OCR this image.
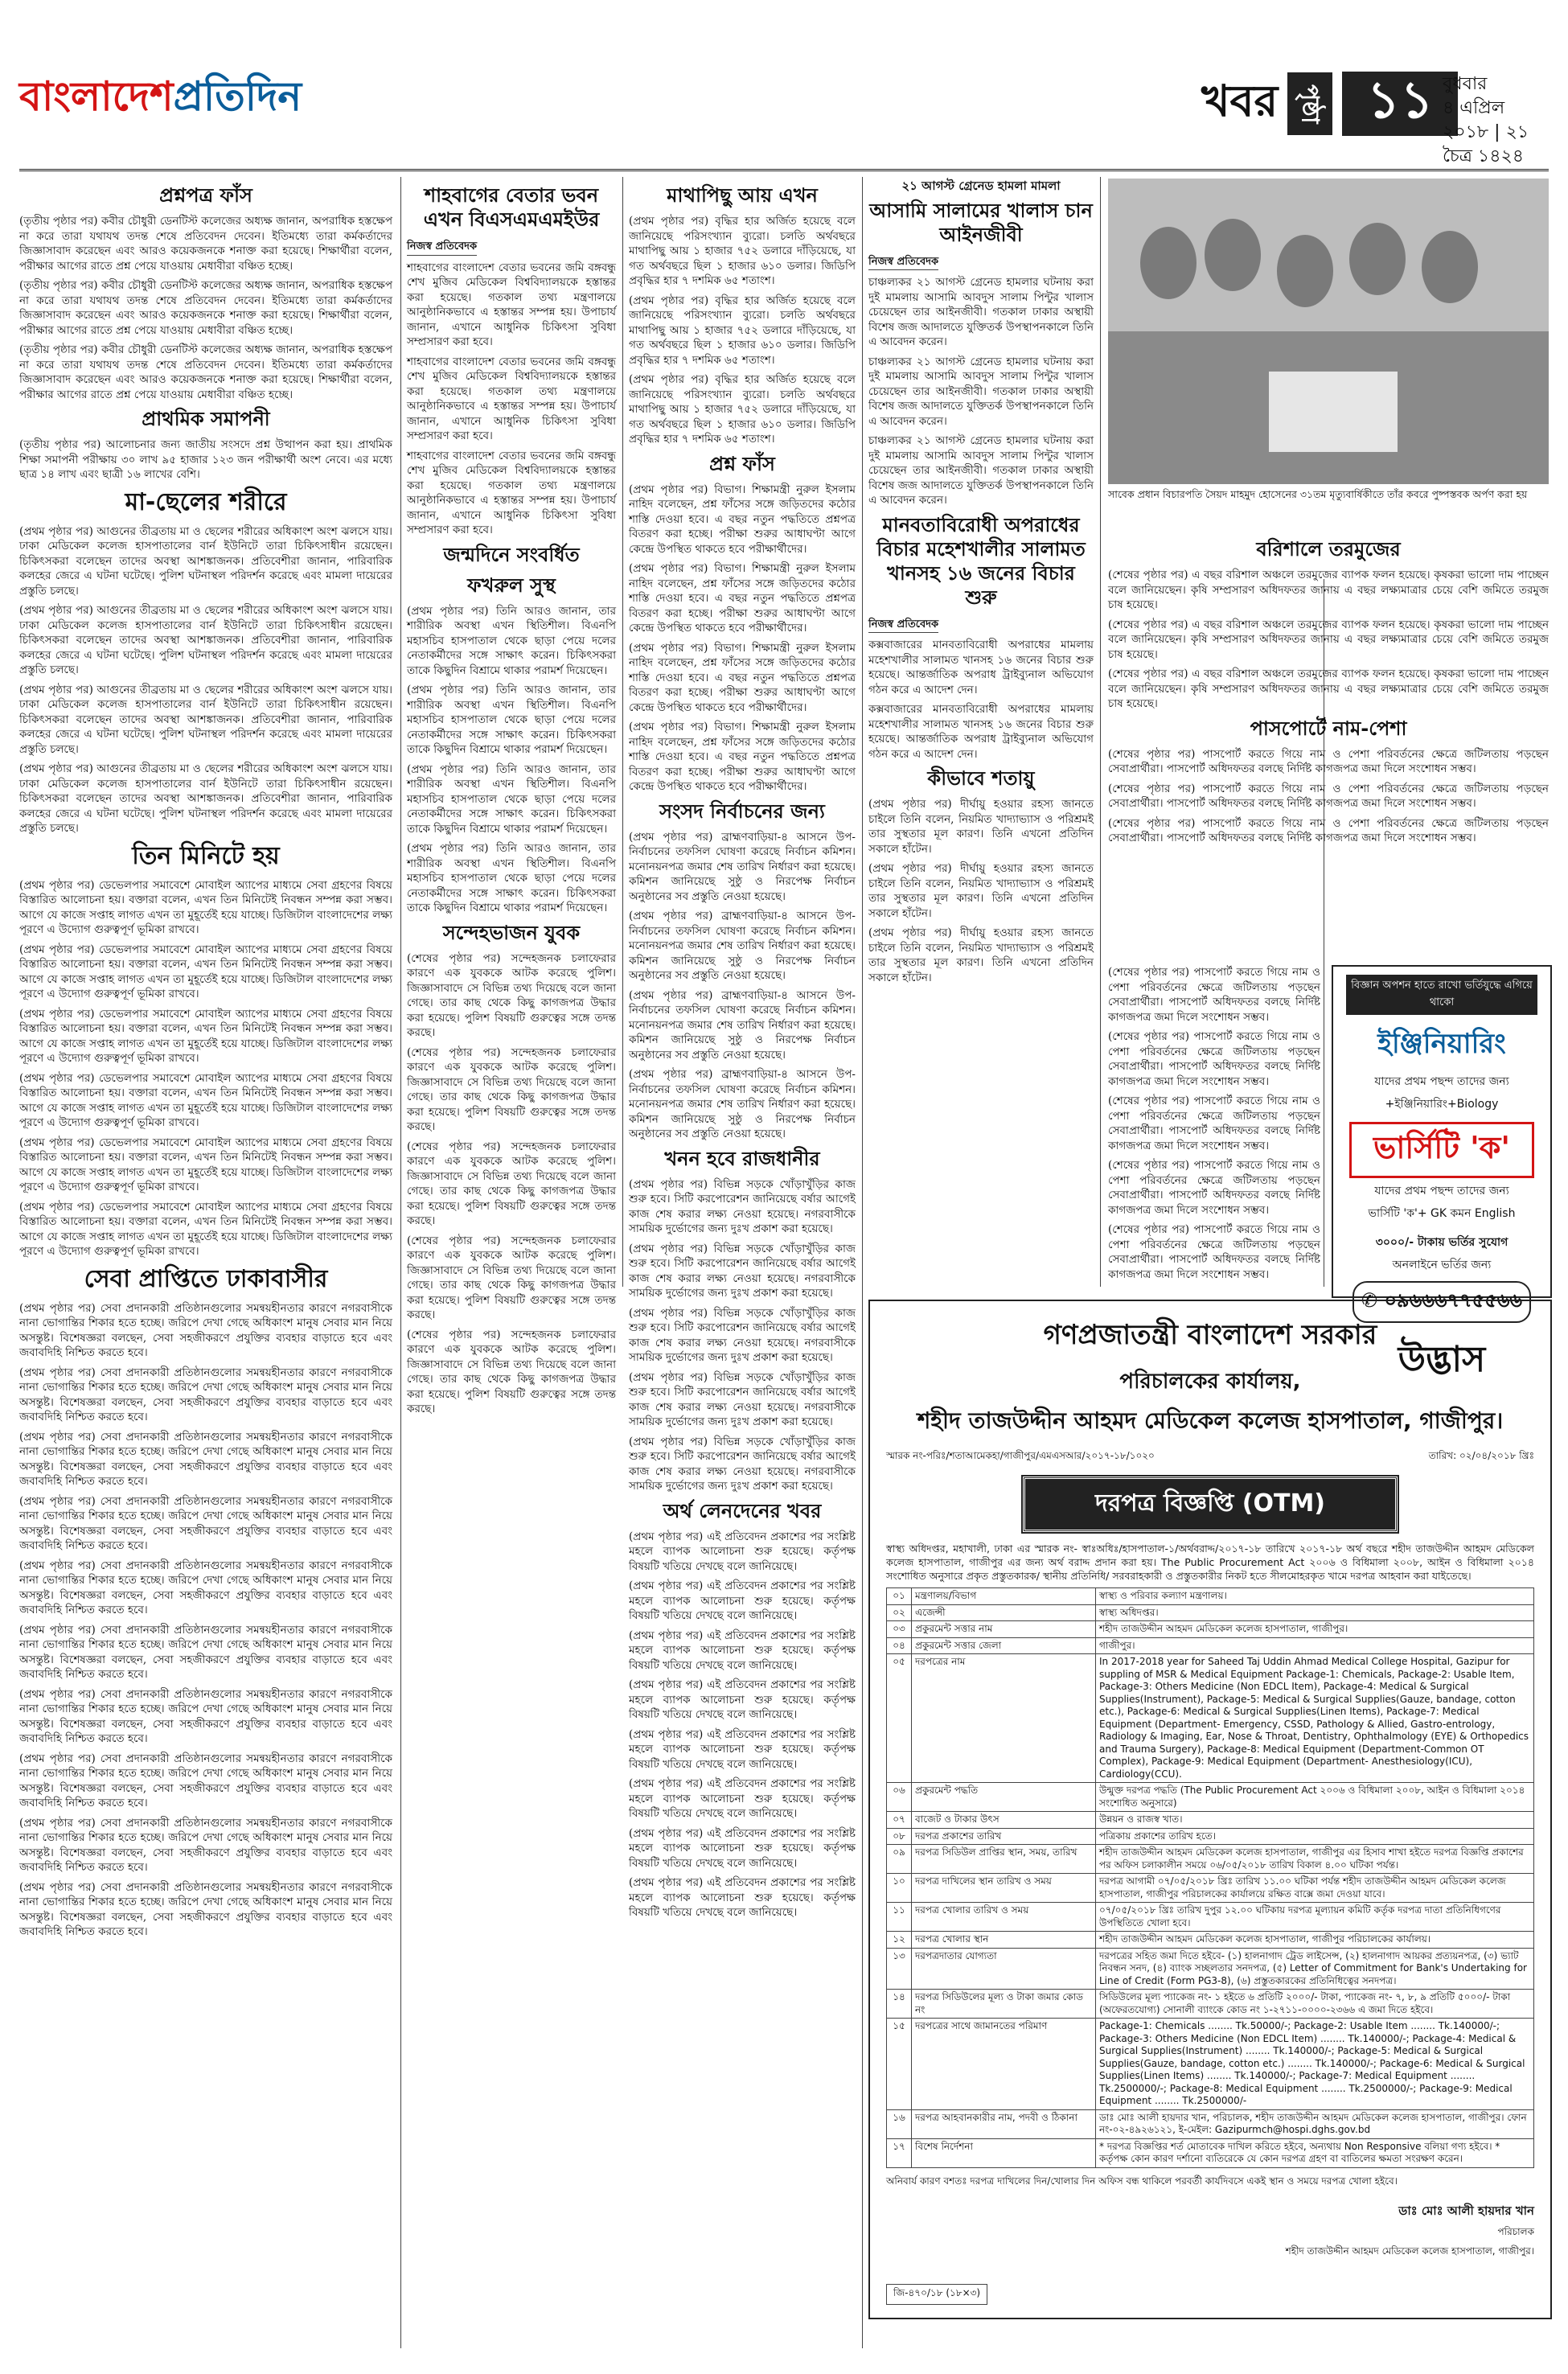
বাংলাদেশপ্রতিদিন	খবর পৃষ্ঠা ১১ বুধবার
৪ এপ্রিল ২০১৮ | ২১ চৈত্র ১৪২৪
প্রশ্নপত্র ফাঁস

(তৃতীয় পৃষ্ঠার পর) কবীর চৌধুরী ডেনটিস্ট কলেজের অধ্যক্ষ জানান, অপরাধিক হস্তক্ষেপ না করে তারা যথাযথ তদন্ত শেষে প্রতিবেদন দেবেন। ইতিমধ্যে তারা কর্মকর্তাদের জিজ্ঞাসাবাদ করেছেন এবং আরও কয়েকজনকে শনাক্ত করা হয়েছে। শিক্ষার্থীরা বলেন, পরীক্ষার আগের রাতে প্রশ্ন পেয়ে যাওয়ায় মেধাবীরা বঞ্চিত হচ্ছে।

(তৃতীয় পৃষ্ঠার পর) কবীর চৌধুরী ডেনটিস্ট কলেজের অধ্যক্ষ জানান, অপরাধিক হস্তক্ষেপ না করে তারা যথাযথ তদন্ত শেষে প্রতিবেদন দেবেন। ইতিমধ্যে তারা কর্মকর্তাদের জিজ্ঞাসাবাদ করেছেন এবং আরও কয়েকজনকে শনাক্ত করা হয়েছে। শিক্ষার্থীরা বলেন, পরীক্ষার আগের রাতে প্রশ্ন পেয়ে যাওয়ায় মেধাবীরা বঞ্চিত হচ্ছে।

(তৃতীয় পৃষ্ঠার পর) কবীর চৌধুরী ডেনটিস্ট কলেজের অধ্যক্ষ জানান, অপরাধিক হস্তক্ষেপ না করে তারা যথাযথ তদন্ত শেষে প্রতিবেদন দেবেন। ইতিমধ্যে তারা কর্মকর্তাদের জিজ্ঞাসাবাদ করেছেন এবং আরও কয়েকজনকে শনাক্ত করা হয়েছে। শিক্ষার্থীরা বলেন, পরীক্ষার আগের রাতে প্রশ্ন পেয়ে যাওয়ায় মেধাবীরা বঞ্চিত হচ্ছে।

প্রাথমিক সমাপনী

(তৃতীয় পৃষ্ঠার পর) আলোচনার জন্য জাতীয় সংসদে প্রশ্ন উত্থাপন করা হয়। প্রাথমিক শিক্ষা সমাপনী পরীক্ষায় ৩০ লাখ ৯৫ হাজার ১২৩ জন পরীক্ষার্থী অংশ নেবে। এর মধ্যে ছাত্র ১৪ লাখ এবং ছাত্রী ১৬ লাখের বেশি।

মা-ছেলের শরীরে

(প্রথম পৃষ্ঠার পর) আগুনের তীব্রতায় মা ও ছেলের শরীরের অধিকাংশ অংশ ঝলসে যায়। ঢাকা মেডিকেল কলেজ হাসপাতালের বার্ন ইউনিটে তারা চিকিৎসাধীন রয়েছেন। চিকিৎসকরা বলেছেন তাদের অবস্থা আশঙ্কাজনক। প্রতিবেশীরা জানান, পারিবারিক কলহের জেরে এ ঘটনা ঘটেছে। পুলিশ ঘটনাস্থল পরিদর্শন করেছে এবং মামলা দায়েরের প্রস্তুতি চলছে।

(প্রথম পৃষ্ঠার পর) আগুনের তীব্রতায় মা ও ছেলের শরীরের অধিকাংশ অংশ ঝলসে যায়। ঢাকা মেডিকেল কলেজ হাসপাতালের বার্ন ইউনিটে তারা চিকিৎসাধীন রয়েছেন। চিকিৎসকরা বলেছেন তাদের অবস্থা আশঙ্কাজনক। প্রতিবেশীরা জানান, পারিবারিক কলহের জেরে এ ঘটনা ঘটেছে। পুলিশ ঘটনাস্থল পরিদর্শন করেছে এবং মামলা দায়েরের প্রস্তুতি চলছে।

(প্রথম পৃষ্ঠার পর) আগুনের তীব্রতায় মা ও ছেলের শরীরের অধিকাংশ অংশ ঝলসে যায়। ঢাকা মেডিকেল কলেজ হাসপাতালের বার্ন ইউনিটে তারা চিকিৎসাধীন রয়েছেন। চিকিৎসকরা বলেছেন তাদের অবস্থা আশঙ্কাজনক। প্রতিবেশীরা জানান, পারিবারিক কলহের জেরে এ ঘটনা ঘটেছে। পুলিশ ঘটনাস্থল পরিদর্শন করেছে এবং মামলা দায়েরের প্রস্তুতি চলছে।

(প্রথম পৃষ্ঠার পর) আগুনের তীব্রতায় মা ও ছেলের শরীরের অধিকাংশ অংশ ঝলসে যায়। ঢাকা মেডিকেল কলেজ হাসপাতালের বার্ন ইউনিটে তারা চিকিৎসাধীন রয়েছেন। চিকিৎসকরা বলেছেন তাদের অবস্থা আশঙ্কাজনক। প্রতিবেশীরা জানান, পারিবারিক কলহের জেরে এ ঘটনা ঘটেছে। পুলিশ ঘটনাস্থল পরিদর্শন করেছে এবং মামলা দায়েরের প্রস্তুতি চলছে।

তিন মিনিটে হয়

(প্রথম পৃষ্ঠার পর) ডেভেলপার সমাবেশে মোবাইল অ্যাপের মাধ্যমে সেবা গ্রহণের বিষয়ে বিস্তারিত আলোচনা হয়। বক্তারা বলেন, এখন তিন মিনিটেই নিবন্ধন সম্পন্ন করা সম্ভব। আগে যে কাজে সপ্তাহ লাগত এখন তা মুহূর্তেই হয়ে যাচ্ছে। ডিজিটাল বাংলাদেশের লক্ষ্য পূরণে এ উদ্যোগ গুরুত্বপূর্ণ ভূমিকা রাখবে।

(প্রথম পৃষ্ঠার পর) ডেভেলপার সমাবেশে মোবাইল অ্যাপের মাধ্যমে সেবা গ্রহণের বিষয়ে বিস্তারিত আলোচনা হয়। বক্তারা বলেন, এখন তিন মিনিটেই নিবন্ধন সম্পন্ন করা সম্ভব। আগে যে কাজে সপ্তাহ লাগত এখন তা মুহূর্তেই হয়ে যাচ্ছে। ডিজিটাল বাংলাদেশের লক্ষ্য পূরণে এ উদ্যোগ গুরুত্বপূর্ণ ভূমিকা রাখবে।

(প্রথম পৃষ্ঠার পর) ডেভেলপার সমাবেশে মোবাইল অ্যাপের মাধ্যমে সেবা গ্রহণের বিষয়ে বিস্তারিত আলোচনা হয়। বক্তারা বলেন, এখন তিন মিনিটেই নিবন্ধন সম্পন্ন করা সম্ভব। আগে যে কাজে সপ্তাহ লাগত এখন তা মুহূর্তেই হয়ে যাচ্ছে। ডিজিটাল বাংলাদেশের লক্ষ্য পূরণে এ উদ্যোগ গুরুত্বপূর্ণ ভূমিকা রাখবে।

(প্রথম পৃষ্ঠার পর) ডেভেলপার সমাবেশে মোবাইল অ্যাপের মাধ্যমে সেবা গ্রহণের বিষয়ে বিস্তারিত আলোচনা হয়। বক্তারা বলেন, এখন তিন মিনিটেই নিবন্ধন সম্পন্ন করা সম্ভব। আগে যে কাজে সপ্তাহ লাগত এখন তা মুহূর্তেই হয়ে যাচ্ছে। ডিজিটাল বাংলাদেশের লক্ষ্য পূরণে এ উদ্যোগ গুরুত্বপূর্ণ ভূমিকা রাখবে।

(প্রথম পৃষ্ঠার পর) ডেভেলপার সমাবেশে মোবাইল অ্যাপের মাধ্যমে সেবা গ্রহণের বিষয়ে বিস্তারিত আলোচনা হয়। বক্তারা বলেন, এখন তিন মিনিটেই নিবন্ধন সম্পন্ন করা সম্ভব। আগে যে কাজে সপ্তাহ লাগত এখন তা মুহূর্তেই হয়ে যাচ্ছে। ডিজিটাল বাংলাদেশের লক্ষ্য পূরণে এ উদ্যোগ গুরুত্বপূর্ণ ভূমিকা রাখবে।

(প্রথম পৃষ্ঠার পর) ডেভেলপার সমাবেশে মোবাইল অ্যাপের মাধ্যমে সেবা গ্রহণের বিষয়ে বিস্তারিত আলোচনা হয়। বক্তারা বলেন, এখন তিন মিনিটেই নিবন্ধন সম্পন্ন করা সম্ভব। আগে যে কাজে সপ্তাহ লাগত এখন তা মুহূর্তেই হয়ে যাচ্ছে। ডিজিটাল বাংলাদেশের লক্ষ্য পূরণে এ উদ্যোগ গুরুত্বপূর্ণ ভূমিকা রাখবে।

সেবা প্রাপ্তিতে ঢাকাবাসীর

(প্রথম পৃষ্ঠার পর) সেবা প্রদানকারী প্রতিষ্ঠানগুলোর সমন্বয়হীনতার কারণে নগরবাসীকে নানা ভোগান্তির শিকার হতে হচ্ছে। জরিপে দেখা গেছে অধিকাংশ মানুষ সেবার মান নিয়ে অসন্তুষ্ট। বিশেষজ্ঞরা বলছেন, সেবা সহজীকরণে প্রযুক্তির ব্যবহার বাড়াতে হবে এবং জবাবদিহি নিশ্চিত করতে হবে।

(প্রথম পৃষ্ঠার পর) সেবা প্রদানকারী প্রতিষ্ঠানগুলোর সমন্বয়হীনতার কারণে নগরবাসীকে নানা ভোগান্তির শিকার হতে হচ্ছে। জরিপে দেখা গেছে অধিকাংশ মানুষ সেবার মান নিয়ে অসন্তুষ্ট। বিশেষজ্ঞরা বলছেন, সেবা সহজীকরণে প্রযুক্তির ব্যবহার বাড়াতে হবে এবং জবাবদিহি নিশ্চিত করতে হবে।

(প্রথম পৃষ্ঠার পর) সেবা প্রদানকারী প্রতিষ্ঠানগুলোর সমন্বয়হীনতার কারণে নগরবাসীকে নানা ভোগান্তির শিকার হতে হচ্ছে। জরিপে দেখা গেছে অধিকাংশ মানুষ সেবার মান নিয়ে অসন্তুষ্ট। বিশেষজ্ঞরা বলছেন, সেবা সহজীকরণে প্রযুক্তির ব্যবহার বাড়াতে হবে এবং জবাবদিহি নিশ্চিত করতে হবে।

(প্রথম পৃষ্ঠার পর) সেবা প্রদানকারী প্রতিষ্ঠানগুলোর সমন্বয়হীনতার কারণে নগরবাসীকে নানা ভোগান্তির শিকার হতে হচ্ছে। জরিপে দেখা গেছে অধিকাংশ মানুষ সেবার মান নিয়ে অসন্তুষ্ট। বিশেষজ্ঞরা বলছেন, সেবা সহজীকরণে প্রযুক্তির ব্যবহার বাড়াতে হবে এবং জবাবদিহি নিশ্চিত করতে হবে।

(প্রথম পৃষ্ঠার পর) সেবা প্রদানকারী প্রতিষ্ঠানগুলোর সমন্বয়হীনতার কারণে নগরবাসীকে নানা ভোগান্তির শিকার হতে হচ্ছে। জরিপে দেখা গেছে অধিকাংশ মানুষ সেবার মান নিয়ে অসন্তুষ্ট। বিশেষজ্ঞরা বলছেন, সেবা সহজীকরণে প্রযুক্তির ব্যবহার বাড়াতে হবে এবং জবাবদিহি নিশ্চিত করতে হবে।

(প্রথম পৃষ্ঠার পর) সেবা প্রদানকারী প্রতিষ্ঠানগুলোর সমন্বয়হীনতার কারণে নগরবাসীকে নানা ভোগান্তির শিকার হতে হচ্ছে। জরিপে দেখা গেছে অধিকাংশ মানুষ সেবার মান নিয়ে অসন্তুষ্ট। বিশেষজ্ঞরা বলছেন, সেবা সহজীকরণে প্রযুক্তির ব্যবহার বাড়াতে হবে এবং জবাবদিহি নিশ্চিত করতে হবে।

(প্রথম পৃষ্ঠার পর) সেবা প্রদানকারী প্রতিষ্ঠানগুলোর সমন্বয়হীনতার কারণে নগরবাসীকে নানা ভোগান্তির শিকার হতে হচ্ছে। জরিপে দেখা গেছে অধিকাংশ মানুষ সেবার মান নিয়ে অসন্তুষ্ট। বিশেষজ্ঞরা বলছেন, সেবা সহজীকরণে প্রযুক্তির ব্যবহার বাড়াতে হবে এবং জবাবদিহি নিশ্চিত করতে হবে।

(প্রথম পৃষ্ঠার পর) সেবা প্রদানকারী প্রতিষ্ঠানগুলোর সমন্বয়হীনতার কারণে নগরবাসীকে নানা ভোগান্তির শিকার হতে হচ্ছে। জরিপে দেখা গেছে অধিকাংশ মানুষ সেবার মান নিয়ে অসন্তুষ্ট। বিশেষজ্ঞরা বলছেন, সেবা সহজীকরণে প্রযুক্তির ব্যবহার বাড়াতে হবে এবং জবাবদিহি নিশ্চিত করতে হবে।

(প্রথম পৃষ্ঠার পর) সেবা প্রদানকারী প্রতিষ্ঠানগুলোর সমন্বয়হীনতার কারণে নগরবাসীকে নানা ভোগান্তির শিকার হতে হচ্ছে। জরিপে দেখা গেছে অধিকাংশ মানুষ সেবার মান নিয়ে অসন্তুষ্ট। বিশেষজ্ঞরা বলছেন, সেবা সহজীকরণে প্রযুক্তির ব্যবহার বাড়াতে হবে এবং জবাবদিহি নিশ্চিত করতে হবে।

(প্রথম পৃষ্ঠার পর) সেবা প্রদানকারী প্রতিষ্ঠানগুলোর সমন্বয়হীনতার কারণে নগরবাসীকে নানা ভোগান্তির শিকার হতে হচ্ছে। জরিপে দেখা গেছে অধিকাংশ মানুষ সেবার মান নিয়ে অসন্তুষ্ট। বিশেষজ্ঞরা বলছেন, সেবা সহজীকরণে প্রযুক্তির ব্যবহার বাড়াতে হবে এবং জবাবদিহি নিশ্চিত করতে হবে।

শাহবাগের বেতার ভবন এখন বিএসএমএমইউর
নিজস্ব প্রতিবেদক

শাহবাগের বাংলাদেশ বেতার ভবনের জমি বঙ্গবন্ধু শেখ মুজিব মেডিকেল বিশ্ববিদ্যালয়কে হস্তান্তর করা হয়েছে। গতকাল তথ্য মন্ত্রণালয়ে আনুষ্ঠানিকভাবে এ হস্তান্তর সম্পন্ন হয়। উপাচার্য জানান, এখানে আধুনিক চিকিৎসা সুবিধা সম্প্রসারণ করা হবে।

শাহবাগের বাংলাদেশ বেতার ভবনের জমি বঙ্গবন্ধু শেখ মুজিব মেডিকেল বিশ্ববিদ্যালয়কে হস্তান্তর করা হয়েছে। গতকাল তথ্য মন্ত্রণালয়ে আনুষ্ঠানিকভাবে এ হস্তান্তর সম্পন্ন হয়। উপাচার্য জানান, এখানে আধুনিক চিকিৎসা সুবিধা সম্প্রসারণ করা হবে।

শাহবাগের বাংলাদেশ বেতার ভবনের জমি বঙ্গবন্ধু শেখ মুজিব মেডিকেল বিশ্ববিদ্যালয়কে হস্তান্তর করা হয়েছে। গতকাল তথ্য মন্ত্রণালয়ে আনুষ্ঠানিকভাবে এ হস্তান্তর সম্পন্ন হয়। উপাচার্য জানান, এখানে আধুনিক চিকিৎসা সুবিধা সম্প্রসারণ করা হবে।

জন্মদিনে সংবর্ধিত
ফখরুল সুস্থ

(প্রথম পৃষ্ঠার পর) তিনি আরও জানান, তার শারীরিক অবস্থা এখন স্থিতিশীল। বিএনপি মহাসচিব হাসপাতাল থেকে ছাড়া পেয়ে দলের নেতাকর্মীদের সঙ্গে সাক্ষাৎ করেন। চিকিৎসকরা তাকে কিছুদিন বিশ্রামে থাকার পরামর্শ দিয়েছেন।

(প্রথম পৃষ্ঠার পর) তিনি আরও জানান, তার শারীরিক অবস্থা এখন স্থিতিশীল। বিএনপি মহাসচিব হাসপাতাল থেকে ছাড়া পেয়ে দলের নেতাকর্মীদের সঙ্গে সাক্ষাৎ করেন। চিকিৎসকরা তাকে কিছুদিন বিশ্রামে থাকার পরামর্শ দিয়েছেন।

(প্রথম পৃষ্ঠার পর) তিনি আরও জানান, তার শারীরিক অবস্থা এখন স্থিতিশীল। বিএনপি মহাসচিব হাসপাতাল থেকে ছাড়া পেয়ে দলের নেতাকর্মীদের সঙ্গে সাক্ষাৎ করেন। চিকিৎসকরা তাকে কিছুদিন বিশ্রামে থাকার পরামর্শ দিয়েছেন।

(প্রথম পৃষ্ঠার পর) তিনি আরও জানান, তার শারীরিক অবস্থা এখন স্থিতিশীল। বিএনপি মহাসচিব হাসপাতাল থেকে ছাড়া পেয়ে দলের নেতাকর্মীদের সঙ্গে সাক্ষাৎ করেন। চিকিৎসকরা তাকে কিছুদিন বিশ্রামে থাকার পরামর্শ দিয়েছেন।

সন্দেহভাজন যুবক

(শেষের পৃষ্ঠার পর) সন্দেহজনক চলাফেরার কারণে এক যুবককে আটক করেছে পুলিশ। জিজ্ঞাসাবাদে সে বিভিন্ন তথ্য দিয়েছে বলে জানা গেছে। তার কাছ থেকে কিছু কাগজপত্র উদ্ধার করা হয়েছে। পুলিশ বিষয়টি গুরুত্বের সঙ্গে তদন্ত করছে।

(শেষের পৃষ্ঠার পর) সন্দেহজনক চলাফেরার কারণে এক যুবককে আটক করেছে পুলিশ। জিজ্ঞাসাবাদে সে বিভিন্ন তথ্য দিয়েছে বলে জানা গেছে। তার কাছ থেকে কিছু কাগজপত্র উদ্ধার করা হয়েছে। পুলিশ বিষয়টি গুরুত্বের সঙ্গে তদন্ত করছে।

(শেষের পৃষ্ঠার পর) সন্দেহজনক চলাফেরার কারণে এক যুবককে আটক করেছে পুলিশ। জিজ্ঞাসাবাদে সে বিভিন্ন তথ্য দিয়েছে বলে জানা গেছে। তার কাছ থেকে কিছু কাগজপত্র উদ্ধার করা হয়েছে। পুলিশ বিষয়টি গুরুত্বের সঙ্গে তদন্ত করছে।

(শেষের পৃষ্ঠার পর) সন্দেহজনক চলাফেরার কারণে এক যুবককে আটক করেছে পুলিশ। জিজ্ঞাসাবাদে সে বিভিন্ন তথ্য দিয়েছে বলে জানা গেছে। তার কাছ থেকে কিছু কাগজপত্র উদ্ধার করা হয়েছে। পুলিশ বিষয়টি গুরুত্বের সঙ্গে তদন্ত করছে।

(শেষের পৃষ্ঠার পর) সন্দেহজনক চলাফেরার কারণে এক যুবককে আটক করেছে পুলিশ। জিজ্ঞাসাবাদে সে বিভিন্ন তথ্য দিয়েছে বলে জানা গেছে। তার কাছ থেকে কিছু কাগজপত্র উদ্ধার করা হয়েছে। পুলিশ বিষয়টি গুরুত্বের সঙ্গে তদন্ত করছে।

মাথাপিছু আয় এখন

(প্রথম পৃষ্ঠার পর) বৃদ্ধির হার অর্জিত হয়েছে বলে জানিয়েছে পরিসংখ্যান ব্যুরো। চলতি অর্থবছরে মাথাপিছু আয় ১ হাজার ৭৫২ ডলারে দাঁড়িয়েছে, যা গত অর্থবছরে ছিল ১ হাজার ৬১০ ডলার। জিডিপি প্রবৃদ্ধির হার ৭ দশমিক ৬৫ শতাংশ।

(প্রথম পৃষ্ঠার পর) বৃদ্ধির হার অর্জিত হয়েছে বলে জানিয়েছে পরিসংখ্যান ব্যুরো। চলতি অর্থবছরে মাথাপিছু আয় ১ হাজার ৭৫২ ডলারে দাঁড়িয়েছে, যা গত অর্থবছরে ছিল ১ হাজার ৬১০ ডলার। জিডিপি প্রবৃদ্ধির হার ৭ দশমিক ৬৫ শতাংশ।

(প্রথম পৃষ্ঠার পর) বৃদ্ধির হার অর্জিত হয়েছে বলে জানিয়েছে পরিসংখ্যান ব্যুরো। চলতি অর্থবছরে মাথাপিছু আয় ১ হাজার ৭৫২ ডলারে দাঁড়িয়েছে, যা গত অর্থবছরে ছিল ১ হাজার ৬১০ ডলার। জিডিপি প্রবৃদ্ধির হার ৭ দশমিক ৬৫ শতাংশ।

প্রশ্ন ফাঁস

(প্রথম পৃষ্ঠার পর) বিভাগ। শিক্ষামন্ত্রী নুরুল ইসলাম নাহিদ বলেছেন, প্রশ্ন ফাঁসের সঙ্গে জড়িতদের কঠোর শাস্তি দেওয়া হবে। এ বছর নতুন পদ্ধতিতে প্রশ্নপত্র বিতরণ করা হচ্ছে। পরীক্ষা শুরুর আধাঘণ্টা আগে কেন্দ্রে উপস্থিত থাকতে হবে পরীক্ষার্থীদের।

(প্রথম পৃষ্ঠার পর) বিভাগ। শিক্ষামন্ত্রী নুরুল ইসলাম নাহিদ বলেছেন, প্রশ্ন ফাঁসের সঙ্গে জড়িতদের কঠোর শাস্তি দেওয়া হবে। এ বছর নতুন পদ্ধতিতে প্রশ্নপত্র বিতরণ করা হচ্ছে। পরীক্ষা শুরুর আধাঘণ্টা আগে কেন্দ্রে উপস্থিত থাকতে হবে পরীক্ষার্থীদের।

(প্রথম পৃষ্ঠার পর) বিভাগ। শিক্ষামন্ত্রী নুরুল ইসলাম নাহিদ বলেছেন, প্রশ্ন ফাঁসের সঙ্গে জড়িতদের কঠোর শাস্তি দেওয়া হবে। এ বছর নতুন পদ্ধতিতে প্রশ্নপত্র বিতরণ করা হচ্ছে। পরীক্ষা শুরুর আধাঘণ্টা আগে কেন্দ্রে উপস্থিত থাকতে হবে পরীক্ষার্থীদের।

(প্রথম পৃষ্ঠার পর) বিভাগ। শিক্ষামন্ত্রী নুরুল ইসলাম নাহিদ বলেছেন, প্রশ্ন ফাঁসের সঙ্গে জড়িতদের কঠোর শাস্তি দেওয়া হবে। এ বছর নতুন পদ্ধতিতে প্রশ্নপত্র বিতরণ করা হচ্ছে। পরীক্ষা শুরুর আধাঘণ্টা আগে কেন্দ্রে উপস্থিত থাকতে হবে পরীক্ষার্থীদের।

সংসদ নির্বাচনের জন্য

(প্রথম পৃষ্ঠার পর) ব্রাহ্মণবাড়িয়া-৪ আসনে উপ-নির্বাচনের তফসিল ঘোষণা করেছে নির্বাচন কমিশন। মনোনয়নপত্র জমার শেষ তারিখ নির্ধারণ করা হয়েছে। কমিশন জানিয়েছে সুষ্ঠু ও নিরপেক্ষ নির্বাচন অনুষ্ঠানের সব প্রস্তুতি নেওয়া হয়েছে।

(প্রথম পৃষ্ঠার পর) ব্রাহ্মণবাড়িয়া-৪ আসনে উপ-নির্বাচনের তফসিল ঘোষণা করেছে নির্বাচন কমিশন। মনোনয়নপত্র জমার শেষ তারিখ নির্ধারণ করা হয়েছে। কমিশন জানিয়েছে সুষ্ঠু ও নিরপেক্ষ নির্বাচন অনুষ্ঠানের সব প্রস্তুতি নেওয়া হয়েছে।

(প্রথম পৃষ্ঠার পর) ব্রাহ্মণবাড়িয়া-৪ আসনে উপ-নির্বাচনের তফসিল ঘোষণা করেছে নির্বাচন কমিশন। মনোনয়নপত্র জমার শেষ তারিখ নির্ধারণ করা হয়েছে। কমিশন জানিয়েছে সুষ্ঠু ও নিরপেক্ষ নির্বাচন অনুষ্ঠানের সব প্রস্তুতি নেওয়া হয়েছে।

(প্রথম পৃষ্ঠার পর) ব্রাহ্মণবাড়িয়া-৪ আসনে উপ-নির্বাচনের তফসিল ঘোষণা করেছে নির্বাচন কমিশন। মনোনয়নপত্র জমার শেষ তারিখ নির্ধারণ করা হয়েছে। কমিশন জানিয়েছে সুষ্ঠু ও নিরপেক্ষ নির্বাচন অনুষ্ঠানের সব প্রস্তুতি নেওয়া হয়েছে।

খনন হবে রাজধানীর

(প্রথম পৃষ্ঠার পর) বিভিন্ন সড়কে খোঁড়াখুঁড়ির কাজ শুরু হবে। সিটি করপোরেশন জানিয়েছে বর্ষার আগেই কাজ শেষ করার লক্ষ্য নেওয়া হয়েছে। নগরবাসীকে সাময়িক দুর্ভোগের জন্য দুঃখ প্রকাশ করা হয়েছে।

(প্রথম পৃষ্ঠার পর) বিভিন্ন সড়কে খোঁড়াখুঁড়ির কাজ শুরু হবে। সিটি করপোরেশন জানিয়েছে বর্ষার আগেই কাজ শেষ করার লক্ষ্য নেওয়া হয়েছে। নগরবাসীকে সাময়িক দুর্ভোগের জন্য দুঃখ প্রকাশ করা হয়েছে।

(প্রথম পৃষ্ঠার পর) বিভিন্ন সড়কে খোঁড়াখুঁড়ির কাজ শুরু হবে। সিটি করপোরেশন জানিয়েছে বর্ষার আগেই কাজ শেষ করার লক্ষ্য নেওয়া হয়েছে। নগরবাসীকে সাময়িক দুর্ভোগের জন্য দুঃখ প্রকাশ করা হয়েছে।

(প্রথম পৃষ্ঠার পর) বিভিন্ন সড়কে খোঁড়াখুঁড়ির কাজ শুরু হবে। সিটি করপোরেশন জানিয়েছে বর্ষার আগেই কাজ শেষ করার লক্ষ্য নেওয়া হয়েছে। নগরবাসীকে সাময়িক দুর্ভোগের জন্য দুঃখ প্রকাশ করা হয়েছে।

(প্রথম পৃষ্ঠার পর) বিভিন্ন সড়কে খোঁড়াখুঁড়ির কাজ শুরু হবে। সিটি করপোরেশন জানিয়েছে বর্ষার আগেই কাজ শেষ করার লক্ষ্য নেওয়া হয়েছে। নগরবাসীকে সাময়িক দুর্ভোগের জন্য দুঃখ প্রকাশ করা হয়েছে।

অর্থ লেনদেনের খবর

(প্রথম পৃষ্ঠার পর) এই প্রতিবেদন প্রকাশের পর সংশ্লিষ্ট মহলে ব্যাপক আলোচনা শুরু হয়েছে। কর্তৃপক্ষ বিষয়টি খতিয়ে দেখছে বলে জানিয়েছে।

(প্রথম পৃষ্ঠার পর) এই প্রতিবেদন প্রকাশের পর সংশ্লিষ্ট মহলে ব্যাপক আলোচনা শুরু হয়েছে। কর্তৃপক্ষ বিষয়টি খতিয়ে দেখছে বলে জানিয়েছে।

(প্রথম পৃষ্ঠার পর) এই প্রতিবেদন প্রকাশের পর সংশ্লিষ্ট মহলে ব্যাপক আলোচনা শুরু হয়েছে। কর্তৃপক্ষ বিষয়টি খতিয়ে দেখছে বলে জানিয়েছে।

(প্রথম পৃষ্ঠার পর) এই প্রতিবেদন প্রকাশের পর সংশ্লিষ্ট মহলে ব্যাপক আলোচনা শুরু হয়েছে। কর্তৃপক্ষ বিষয়টি খতিয়ে দেখছে বলে জানিয়েছে।

(প্রথম পৃষ্ঠার পর) এই প্রতিবেদন প্রকাশের পর সংশ্লিষ্ট মহলে ব্যাপক আলোচনা শুরু হয়েছে। কর্তৃপক্ষ বিষয়টি খতিয়ে দেখছে বলে জানিয়েছে।

(প্রথম পৃষ্ঠার পর) এই প্রতিবেদন প্রকাশের পর সংশ্লিষ্ট মহলে ব্যাপক আলোচনা শুরু হয়েছে। কর্তৃপক্ষ বিষয়টি খতিয়ে দেখছে বলে জানিয়েছে।

(প্রথম পৃষ্ঠার পর) এই প্রতিবেদন প্রকাশের পর সংশ্লিষ্ট মহলে ব্যাপক আলোচনা শুরু হয়েছে। কর্তৃপক্ষ বিষয়টি খতিয়ে দেখছে বলে জানিয়েছে।

(প্রথম পৃষ্ঠার পর) এই প্রতিবেদন প্রকাশের পর সংশ্লিষ্ট মহলে ব্যাপক আলোচনা শুরু হয়েছে। কর্তৃপক্ষ বিষয়টি খতিয়ে দেখছে বলে জানিয়েছে।

২১ আগস্ট গ্রেনেড হামলা মামলা
আসামি সালামের খালাস চান আইনজীবী
নিজস্ব প্রতিবেদক

চাঞ্চল্যকর ২১ আগস্ট গ্রেনেড হামলার ঘটনায় করা দুই মামলায় আসামি আবদুস সালাম পিন্টুর খালাস চেয়েছেন তার আইনজীবী। গতকাল ঢাকার অস্থায়ী বিশেষ জজ আদালতে যুক্তিতর্ক উপস্থাপনকালে তিনি এ আবেদন করেন।

চাঞ্চল্যকর ২১ আগস্ট গ্রেনেড হামলার ঘটনায় করা দুই মামলায় আসামি আবদুস সালাম পিন্টুর খালাস চেয়েছেন তার আইনজীবী। গতকাল ঢাকার অস্থায়ী বিশেষ জজ আদালতে যুক্তিতর্ক উপস্থাপনকালে তিনি এ আবেদন করেন।

চাঞ্চল্যকর ২১ আগস্ট গ্রেনেড হামলার ঘটনায় করা দুই মামলায় আসামি আবদুস সালাম পিন্টুর খালাস চেয়েছেন তার আইনজীবী। গতকাল ঢাকার অস্থায়ী বিশেষ জজ আদালতে যুক্তিতর্ক উপস্থাপনকালে তিনি এ আবেদন করেন।

মানবতাবিরোধী অপরাধের বিচার মহেশখালীর সালামত খানসহ ১৬ জনের বিচার শুরু
নিজস্ব প্রতিবেদক

কক্সবাজারের মানবতাবিরোধী অপরাধের মামলায় মহেশখালীর সালামত খানসহ ১৬ জনের বিচার শুরু হয়েছে। আন্তর্জাতিক অপরাধ ট্রাইব্যুনাল অভিযোগ গঠন করে এ আদেশ দেন।

কক্সবাজারের মানবতাবিরোধী অপরাধের মামলায় মহেশখালীর সালামত খানসহ ১৬ জনের বিচার শুরু হয়েছে। আন্তর্জাতিক অপরাধ ট্রাইব্যুনাল অভিযোগ গঠন করে এ আদেশ দেন।

কীভাবে শতায়ু

(প্রথম পৃষ্ঠার পর) দীর্ঘায়ু হওয়ার রহস্য জানতে চাইলে তিনি বলেন, নিয়মিত খাদ্যাভ্যাস ও পরিশ্রমই তার সুস্থতার মূল কারণ। তিনি এখনো প্রতিদিন সকালে হাঁটেন।

(প্রথম পৃষ্ঠার পর) দীর্ঘায়ু হওয়ার রহস্য জানতে চাইলে তিনি বলেন, নিয়মিত খাদ্যাভ্যাস ও পরিশ্রমই তার সুস্থতার মূল কারণ। তিনি এখনো প্রতিদিন সকালে হাঁটেন।

(প্রথম পৃষ্ঠার পর) দীর্ঘায়ু হওয়ার রহস্য জানতে চাইলে তিনি বলেন, নিয়মিত খাদ্যাভ্যাস ও পরিশ্রমই তার সুস্থতার মূল কারণ। তিনি এখনো প্রতিদিন সকালে হাঁটেন।

সাবেক প্রধান বিচারপতি সৈয়দ মাহমুদ হোসেনের ৩১তম মৃত্যুবার্ষিকীতে তাঁর কবরে পুষ্পস্তবক অর্পণ করা হয়
বরিশালে তরমুজের

(শেষের পৃষ্ঠার পর) এ বছর বরিশাল অঞ্চলে তরমুজের ব্যাপক ফলন হয়েছে। কৃষকরা ভালো দাম পাচ্ছেন বলে জানিয়েছেন। কৃষি সম্প্রসারণ অধিদফতর জানায় এ বছর লক্ষ্যমাত্রার চেয়ে বেশি জমিতে তরমুজ চাষ হয়েছে।

(শেষের পৃষ্ঠার পর) এ বছর বরিশাল অঞ্চলে তরমুজের ব্যাপক ফলন হয়েছে। কৃষকরা ভালো দাম পাচ্ছেন বলে জানিয়েছেন। কৃষি সম্প্রসারণ অধিদফতর জানায় এ বছর লক্ষ্যমাত্রার চেয়ে বেশি জমিতে তরমুজ চাষ হয়েছে।

(শেষের পৃষ্ঠার পর) এ বছর বরিশাল অঞ্চলে তরমুজের ব্যাপক ফলন হয়েছে। কৃষকরা ভালো দাম পাচ্ছেন বলে জানিয়েছেন। কৃষি সম্প্রসারণ অধিদফতর জানায় এ বছর লক্ষ্যমাত্রার চেয়ে বেশি জমিতে তরমুজ চাষ হয়েছে।

পাসপোর্টে নাম-পেশা

(শেষের পৃষ্ঠার পর) পাসপোর্ট করতে গিয়ে নাম ও পেশা পরিবর্তনের ক্ষেত্রে জটিলতায় পড়ছেন সেবাপ্রার্থীরা। পাসপোর্ট অধিদফতর বলছে নির্দিষ্ট কাগজপত্র জমা দিলে সংশোধন সম্ভব।

(শেষের পৃষ্ঠার পর) পাসপোর্ট করতে গিয়ে নাম ও পেশা পরিবর্তনের ক্ষেত্রে জটিলতায় পড়ছেন সেবাপ্রার্থীরা। পাসপোর্ট অধিদফতর বলছে নির্দিষ্ট কাগজপত্র জমা দিলে সংশোধন সম্ভব।

(শেষের পৃষ্ঠার পর) পাসপোর্ট করতে গিয়ে নাম ও পেশা পরিবর্তনের ক্ষেত্রে জটিলতায় পড়ছেন সেবাপ্রার্থীরা। পাসপোর্ট অধিদফতর বলছে নির্দিষ্ট কাগজপত্র জমা দিলে সংশোধন সম্ভব।

(শেষের পৃষ্ঠার পর) পাসপোর্ট করতে গিয়ে নাম ও পেশা পরিবর্তনের ক্ষেত্রে জটিলতায় পড়ছেন সেবাপ্রার্থীরা। পাসপোর্ট অধিদফতর বলছে নির্দিষ্ট কাগজপত্র জমা দিলে সংশোধন সম্ভব।

(শেষের পৃষ্ঠার পর) পাসপোর্ট করতে গিয়ে নাম ও পেশা পরিবর্তনের ক্ষেত্রে জটিলতায় পড়ছেন সেবাপ্রার্থীরা। পাসপোর্ট অধিদফতর বলছে নির্দিষ্ট কাগজপত্র জমা দিলে সংশোধন সম্ভব।

(শেষের পৃষ্ঠার পর) পাসপোর্ট করতে গিয়ে নাম ও পেশা পরিবর্তনের ক্ষেত্রে জটিলতায় পড়ছেন সেবাপ্রার্থীরা। পাসপোর্ট অধিদফতর বলছে নির্দিষ্ট কাগজপত্র জমা দিলে সংশোধন সম্ভব।

(শেষের পৃষ্ঠার পর) পাসপোর্ট করতে গিয়ে নাম ও পেশা পরিবর্তনের ক্ষেত্রে জটিলতায় পড়ছেন সেবাপ্রার্থীরা। পাসপোর্ট অধিদফতর বলছে নির্দিষ্ট কাগজপত্র জমা দিলে সংশোধন সম্ভব।

(শেষের পৃষ্ঠার পর) পাসপোর্ট করতে গিয়ে নাম ও পেশা পরিবর্তনের ক্ষেত্রে জটিলতায় পড়ছেন সেবাপ্রার্থীরা। পাসপোর্ট অধিদফতর বলছে নির্দিষ্ট কাগজপত্র জমা দিলে সংশোধন সম্ভব।

বিজ্ঞান অপশন হাতে রাখো ভর্তিযুদ্ধে এগিয়ে থাকো
ইঞ্জিনিয়ারিং
যাদের প্রথম পছন্দ তাদের জন্য
+ইঞ্জিনিয়ারিং+Biology
ভার্সিটি 'ক'
যাদের প্রথম পছন্দ তাদের জন্য
ভার্সিটি 'ক'+ GK কমন English
৩০০০/- টাকায় ভর্তির সুযোগ
অনলাইনে ভর্তির জন্য
✆ ০৯৬৬৬৭৭৫৫৬৬
উদ্ভাস
গণপ্রজাতন্ত্রী বাংলাদেশ সরকার
পরিচালকের কার্যালয়,
শহীদ তাজউদ্দীন আহমদ মেডিকেল কলেজ হাসপাতাল, গাজীপুর।
স্মারক নং-পরিঃ/শতাআমেকহা/গাজীপুর/এমএসআর/২০১৭-১৮/১০২০	তারিখ: ০২/০৪/২০১৮ খ্রিঃ
দরপত্র বিজ্ঞপ্তি (OTM)
স্বাস্থ্য অধিদপ্তর, মহাখালী, ঢাকা এর স্মারক নং- স্বাঃঅধিঃ/হাসপাতাল-১/অর্থবরাদ্দ/২০১৭-১৮ তারিখে ২০১৭-১৮ অর্থ বছরে শহীদ তাজউদ্দীন আহমদ মেডিকেল কলেজ হাসপাতাল, গাজীপুর এর জন্য অর্থ বরাদ্দ প্রদান করা হয়। The Public Procurement Act ২০০৬ ও বিধিমালা ২০০৮, আইন ও বিধিমালা ২০১৪ সংশোধিত অনুসারে প্রকৃত প্রস্তুতকারক/ স্থানীয় প্রতিনিধি/ সরবরাহকারী ও প্রস্তুতকারীর নিকট হতে সীলমোহরকৃত খামে দরপত্র আহবান করা যাইতেছে।
০১	মন্ত্রণালয়/বিভাগ	স্বাস্থ্য ও পরিবার কল্যাণ মন্ত্রণালয়।
০২	এজেন্সী	স্বাস্থ্য অধিদপ্তর।
০৩	প্রকুরমেন্ট সত্তার নাম	শহীদ তাজউদ্দীন আহমদ মেডিকেল কলেজ হাসপাতাল, গাজীপুর।
০৪	প্রকুরমেন্ট সত্তার জেলা	গাজীপুর।
০৫	দরপত্রের নাম	In 2017-2018 year for Saheed Taj Uddin Ahmad Medical College Hospital, Gazipur for suppling of MSR & Medical Equipment Package-1: Chemicals, Package-2: Usable Item, Package-3: Others Medicine (Non EDCL Item), Package-4: Medical & Surgical Supplies(Instrument), Package-5: Medical & Surgical Supplies(Gauze, bandage, cotton etc.), Package-6: Medical & Surgical Supplies(Linen Items), Package-7: Medical Equipment (Department- Emergency, CSSD, Pathology & Allied, Gastro-entrology, Radiology & Imaging, Ear, Nose & Throat, Dentistry, Ophthalmology (EYE) & Orthopedics and Trauma Surgery), Package-8: Medical Equipment (Department-Common OT Complex), Package-9: Medical Equipment (Department- Anesthesiology(ICU), Cardiology(CCU).
০৬	প্রকুরমেন্ট পদ্ধতি	উন্মুক্ত দরপত্র পদ্ধতি (The Public Procurement Act ২০০৬ ও বিধিমালা ২০০৮, আইন ও বিধিমালা ২০১৪ সংশোধিত অনুসারে)
০৭	বাজেট ও টাকার উৎস	উন্নয়ন ও রাজস্ব খাত।
০৮	দরপত্র প্রকাশের তারিখ	পত্রিকায় প্রকাশের তারিখ হতে।
০৯	দরপত্র সিডিউল প্রাপ্তির স্থান, সময়, তারিখ	শহীদ তাজউদ্দীন আহমদ মেডিকেল কলেজ হাসপাতাল, গাজীপুর এর হিসাব শাখা হইতে দরপত্র বিজ্ঞপ্তি প্রকাশের পর অফিস চলাকালীন সময়ে ০৬/০৫/২০১৮ তারিখ বিকাল ৪.০০ ঘটিকা পর্যন্ত।
১০	দরপত্র দাখিলের স্থান তারিখ ও সময়	দরপত্র আগামী ০৭/০৫/২০১৮ খ্রিঃ তারিখ ১১.০০ ঘটিকা পর্যন্ত শহীদ তাজউদ্দীন আহমদ মেডিকেল কলেজ হাসপাতাল, গাজীপুর পরিচালকের কার্যালয়ে রক্ষিত বাক্সে জমা দেওয়া যাবে।
১১	দরপত্র খোলার তারিখ ও সময়	০৭/০৫/২০১৮ খ্রিঃ তারিখ দুপুর ১২.০০ ঘটিকায় দরপত্র মূল্যায়ন কমিটি কর্তৃক দরপত্র দাতা প্রতিনিধিগণের উপস্থিতিতে খোলা হবে।
১২	দরপত্র খোলার স্থান	শহীদ তাজউদ্দীন আহমদ মেডিকেল কলেজ হাসপাতাল, গাজীপুর পরিচালকের কার্যালয়।
১৩	দরপত্রদাতার যোগ্যতা	দরপত্রের সহিত জমা দিতে হইবে- (১) হালনাগাদ ট্রেড লাইসেন্স, (২) হালনাগাদ আয়কর প্রত্যয়নপত্র, (৩) ভ্যাট নিবন্ধন সনদ, (৪) ব্যাংক সচ্ছলতার সনদপত্র, (৫) Letter of Commitment for Bank's Undertaking for Line of Credit (Form PG3-8), (৬) প্রস্তুতকারকের প্রতিনিধিত্বের সনদপত্র।
১৪	দরপত্র সিডিউলের মূল্য ও টাকা জমার কোড নং	সিডিউলের মূল্য প্যাকেজ নং- ১ হইতে ৬ প্রতিটি ২০০০/- টাকা, প্যাকেজ নং- ৭, ৮, ৯ প্রতিটি ৫০০০/- টাকা (অফেরতযোগ্য) সোনালী ব্যাংকে কোড নং ১-২৭১১-০০০০-২৩৬৬ এ জমা দিতে হইবে।
১৫	দরপত্রের সাথে জামানতের পরিমাণ	Package-1: Chemicals ........ Tk.50000/-; Package-2: Usable Item ........ Tk.140000/-; Package-3: Others Medicine (Non EDCL Item) ........ Tk.140000/-; Package-4: Medical & Surgical Supplies(Instrument) ........ Tk.140000/-; Package-5: Medical & Surgical Supplies(Gauze, bandage, cotton etc.) ........ Tk.140000/-; Package-6: Medical & Surgical Supplies(Linen Items) ........ Tk.140000/-; Package-7: Medical Equipment ........ Tk.2500000/-; Package-8: Medical Equipment ........ Tk.2500000/-; Package-9: Medical Equipment ........ Tk.2500000/-
১৬	দরপত্র আহবানকারীর নাম, পদবী ও ঠিকানা	ডাঃ মোঃ আলী হায়দার খান, পরিচালক, শহীদ তাজউদ্দীন আহমদ মেডিকেল কলেজ হাসপাতাল, গাজীপুর। ফোন নং-০২-৪৯২৬১২১, ই-মেইল: Gazipurmch@hospi.dghs.gov.bd
১৭	বিশেষ নির্দেশনা	* দরপত্র বিজ্ঞপ্তির শর্ত মোতাবেক দাখিল করিতে হইবে, অন্যথায় Non Responsive বলিয়া গণ্য হইবে। * কর্তৃপক্ষ কোন কারণ দর্শানো ব্যতিরেকে যে কোন দরপত্র গ্রহণ বা বাতিলের ক্ষমতা সংরক্ষণ করেন।
অনিবার্য কারণ বশতঃ দরপত্র দাখিলের দিন/খোলার দিন অফিস বন্ধ থাকিলে পরবর্তী কার্যদিবসে একই স্থান ও সময়ে দরপত্র খোলা হইবে।
ডাঃ মোঃ আলী হায়দার খান
পরিচালক
শহীদ তাজউদ্দীন আহমদ মেডিকেল কলেজ হাসপাতাল, গাজীপুর।
জি-৪৭০/১৮ (১৮×৩)
